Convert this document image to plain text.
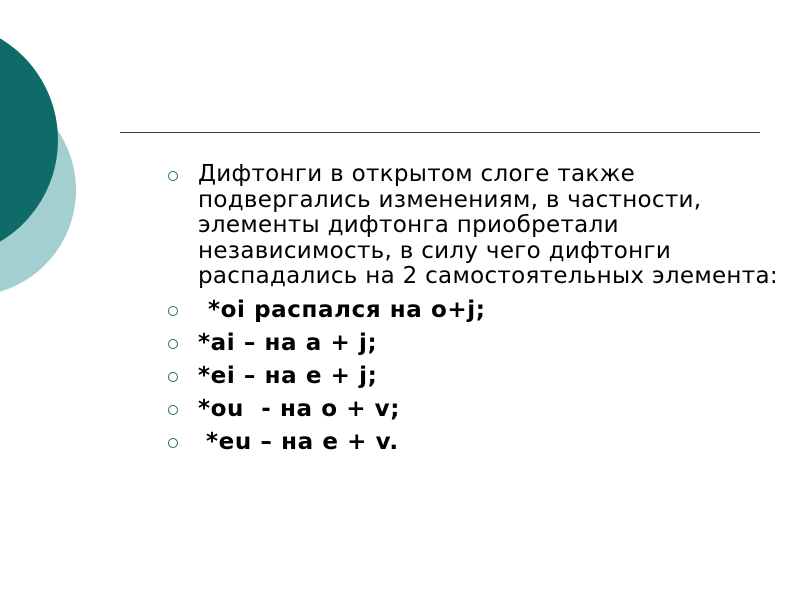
Дифтонги в открытом слоге также подвергались изменениям, в частности, элементы дифтонга приобретали независимость, в силу чего дифтонги распадались на 2 самостоятельных элемента:
*oi распался на o+j;
*ai – на a + j;
*ei – на e + j;
*ou  - на o + v;
*eu – на e + v.
